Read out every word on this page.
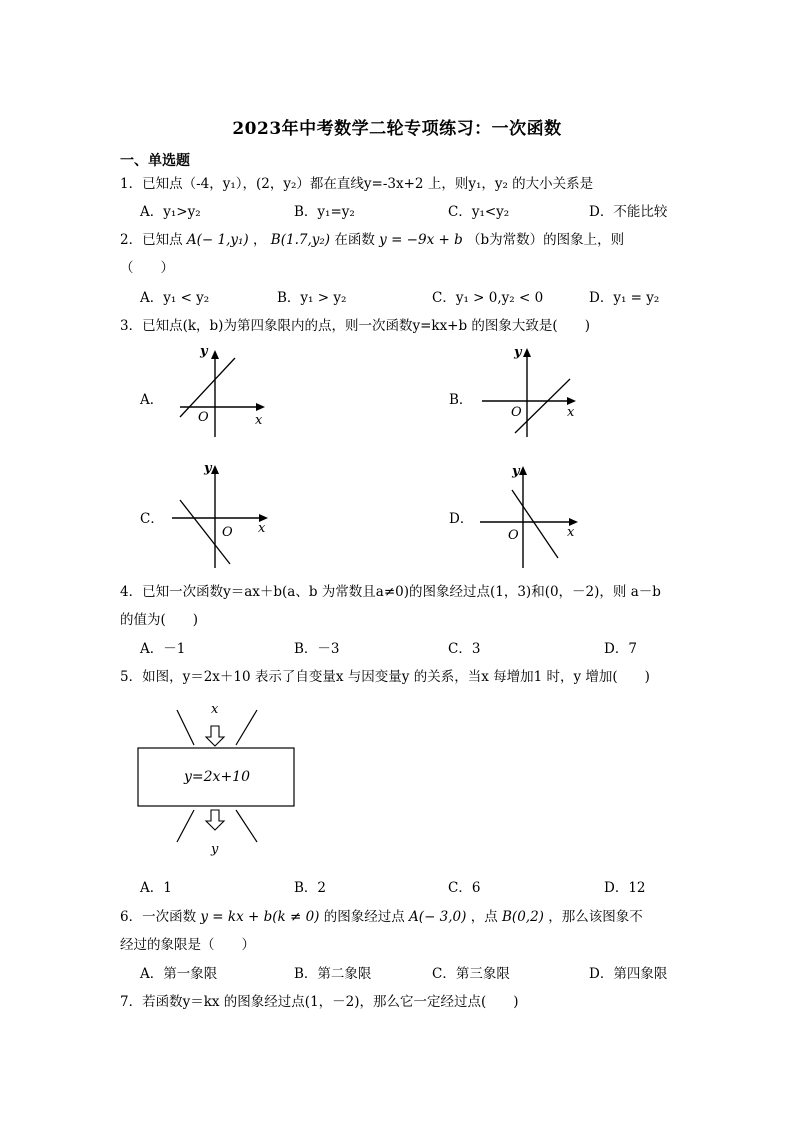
2023年中考数学二轮专项练习：一次函数
一、单选题
1．已知点（-4，y₁），(2，y₂）都在直线y=-3x+2 上，则y₁，y₂ 的大小关系是
A．y₁>y₂	B．y₁=y₂	C．y₁<y₂	D．不能比较
2．已知点 A(− 1,y₁) ， B(1.7,y₂) 在函数 y = −9x + b （b为常数）的图象上，则
（　　）
A．y₁ < y₂	B．y₁ > y₂	C．y₁ > 0,y₂ < 0	D．y₁ = y₂
3．已知点(k，b)为第四象限内的点，则一次函数y=kx+b 的图象大致是(　　)
A．
y
x
O
B．
y
x
O
C．
y
x
O
D．
y
x
O
4．已知一次函数y＝ax＋b(a、b 为常数且a≠0)的图象经过点(1，3)和(0，－2)，则 a－b
的值为(　　)
A．－1	B．－3	C．3	D．7
5．如图，y＝2x＋10 表示了自变量x 与因变量y 的关系，当x 每增加1 时，y 增加(　　)
x
y=2x+10
y
A．1	B．2	C．6	D．12
6．一次函数 y = kx + b(k ≠ 0) 的图象经过点 A(− 3,0) ，点 B(0,2) ，那么该图象不
经过的象限是（　　）
A．第一象限	B．第二象限	C．第三象限	D．第四象限
7．若函数y＝kx 的图象经过点(1，－2)，那么它一定经过点(　　)
